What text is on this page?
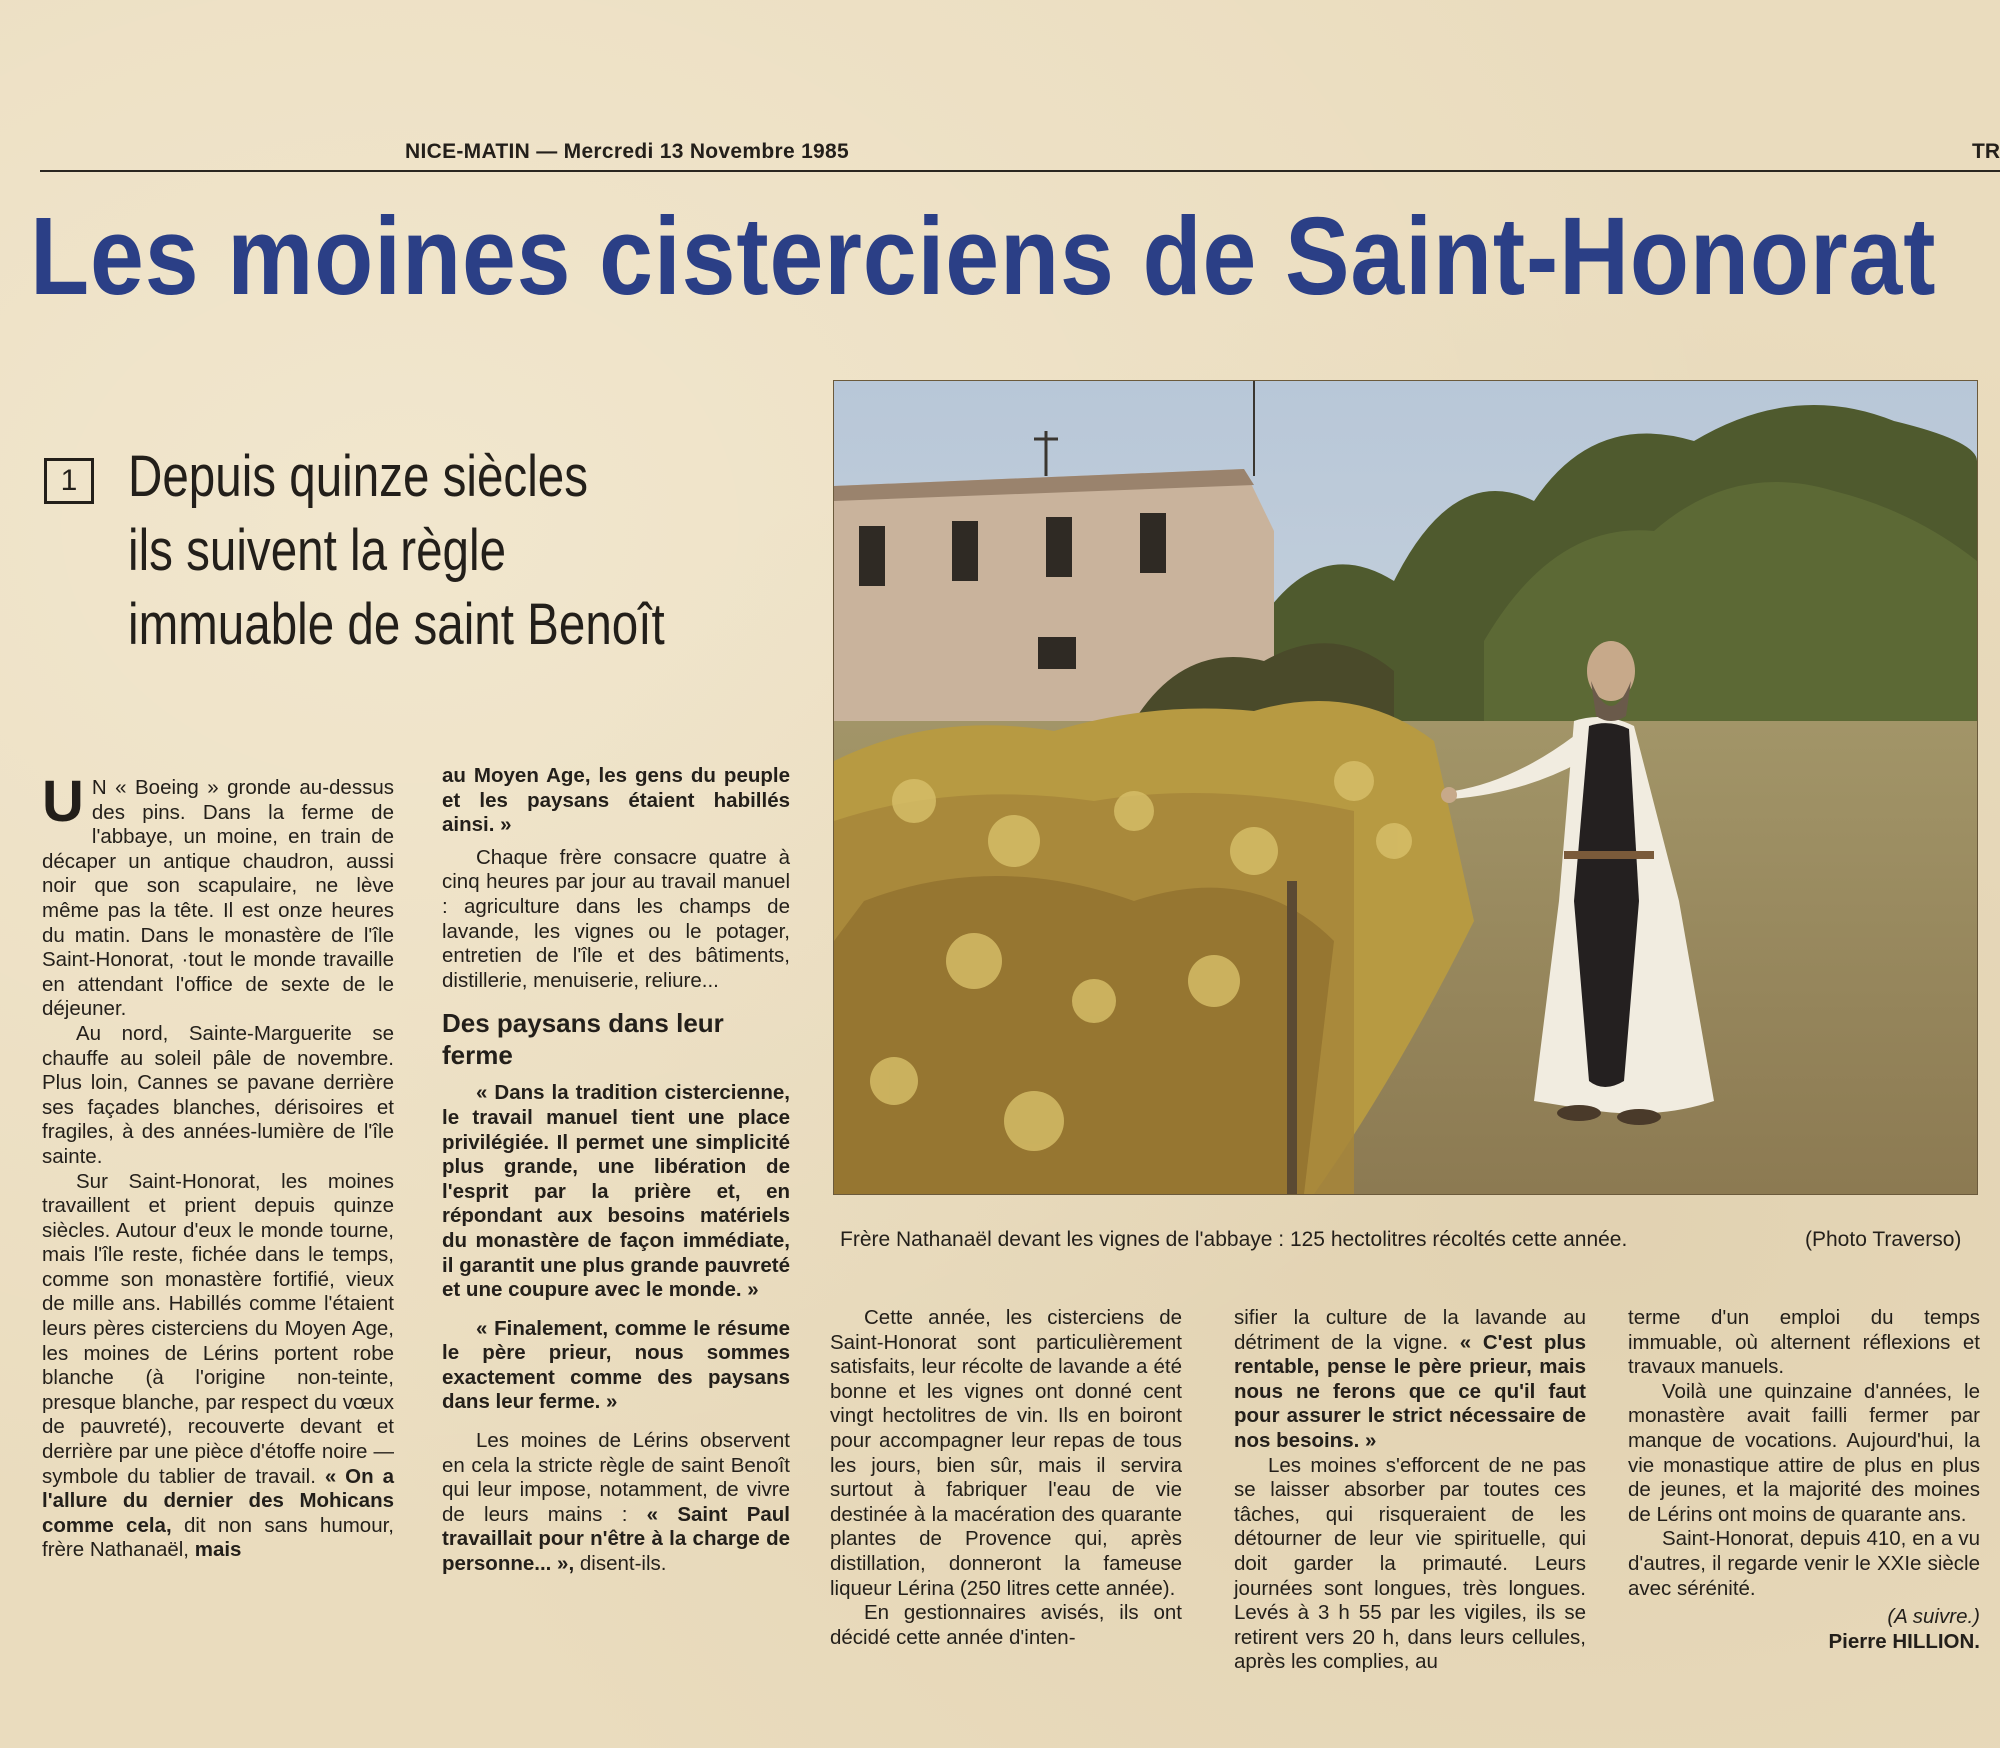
NICE-MATIN — Mercredi 13 Novembre 1985	TR
Les moines cisterciens de Saint-Honorat
1 Depuis quinze siècles
ils suivent la règle
immuable de saint Benoît

U N « Boeing » gronde au-dessus des pins. Dans la ferme de l'abbaye, un moine, en train de décaper un antique chaudron, aussi noir que son scapulaire, ne lève même pas la tête. Il est onze heures du matin. Dans le monastère de l'île Saint-Honorat, ·tout le monde travaille en attendant l'office de sexte de le déjeuner.

Au nord, Sainte-Marguerite se chauffe au soleil pâle de novembre. Plus loin, Cannes se pavane derrière ses façades blanches, dérisoires et fragiles, à des années-lumière de l'île sainte.

Sur Saint-Honorat, les moines travaillent et prient depuis quinze siècles. Autour d'eux le monde tourne, mais l'île reste, fichée dans le temps, comme son monastère fortifié, vieux de mille ans. Habillés comme l'étaient leurs pères cisterciens du Moyen Age, les moines de Lérins portent robe blanche (à l'origine non-teinte, presque blanche, par respect du vœux de pauvreté), recouverte devant et derrière par une pièce d'étoffe noire — symbole du tablier de travail. « On a l'allure du dernier des Mohicans comme cela, dit non sans humour, frère Nathanaël, mais

au Moyen Age, les gens du peuple et les paysans étaient habillés ainsi. »

Chaque frère consacre quatre à cinq heures par jour au travail manuel : agriculture dans les champs de lavande, les vignes ou le potager, entretien de l'île et des bâtiments, distillerie, menuiserie, reliure...

Des paysans dans leur ferme

« Dans la tradition cistercienne, le travail manuel tient une place privilégiée. Il permet une simplicité plus grande, une libération de l'esprit par la prière et, en répondant aux besoins matériels du monastère de façon immédiate, il garantit une plus grande pauvreté et une coupure avec le monde. »

« Finalement, comme le résume le père prieur, nous sommes exactement comme des paysans dans leur ferme. »

Les moines de Lérins observent en cela la stricte règle de saint Benoît qui leur impose, notamment, de vivre de leurs mains : « Saint Paul travaillait pour n'être à la charge de personne... », disent-ils.

Frère Nathanaël devant les vignes de l'abbaye : 125 hectolitres récoltés cette année.	(Photo Traverso)

Cette année, les cisterciens de Saint-Honorat sont particulièrement satisfaits, leur récolte de lavande a été bonne et les vignes ont donné cent vingt hectolitres de vin. Ils en boiront pour accompagner leur repas de tous les jours, bien sûr, mais il servira surtout à fabriquer l'eau de vie destinée à la macération des quarante plantes de Provence qui, après distillation, donneront la fameuse liqueur Lérina (250 litres cette année).

En gestionnaires avisés, ils ont décidé cette année d'inten-

sifier la culture de la lavande au détriment de la vigne. « C'est plus rentable, pense le père prieur, mais nous ne ferons que ce qu'il faut pour assurer le strict nécessaire de nos besoins. »

Les moines s'efforcent de ne pas se laisser absorber par toutes ces tâches, qui risqueraient de les détourner de leur vie spirituelle, qui doit garder la primauté. Leurs journées sont longues, très longues. Levés à 3 h 55 par les vigiles, ils se retirent vers 20 h, dans leurs cellules, après les complies, au

terme d'un emploi du temps immuable, où alternent réflexions et travaux manuels.

Voilà une quinzaine d'années, le monastère avait failli fermer par manque de vocations. Aujourd'hui, la vie monastique attire de plus en plus de jeunes, et la majorité des moines de Lérins ont moins de quarante ans.

Saint-Honorat, depuis 410, en a vu d'autres, il regarde venir le XXIe siècle avec sérénité.

(A suivre.)

Pierre HILLION.
